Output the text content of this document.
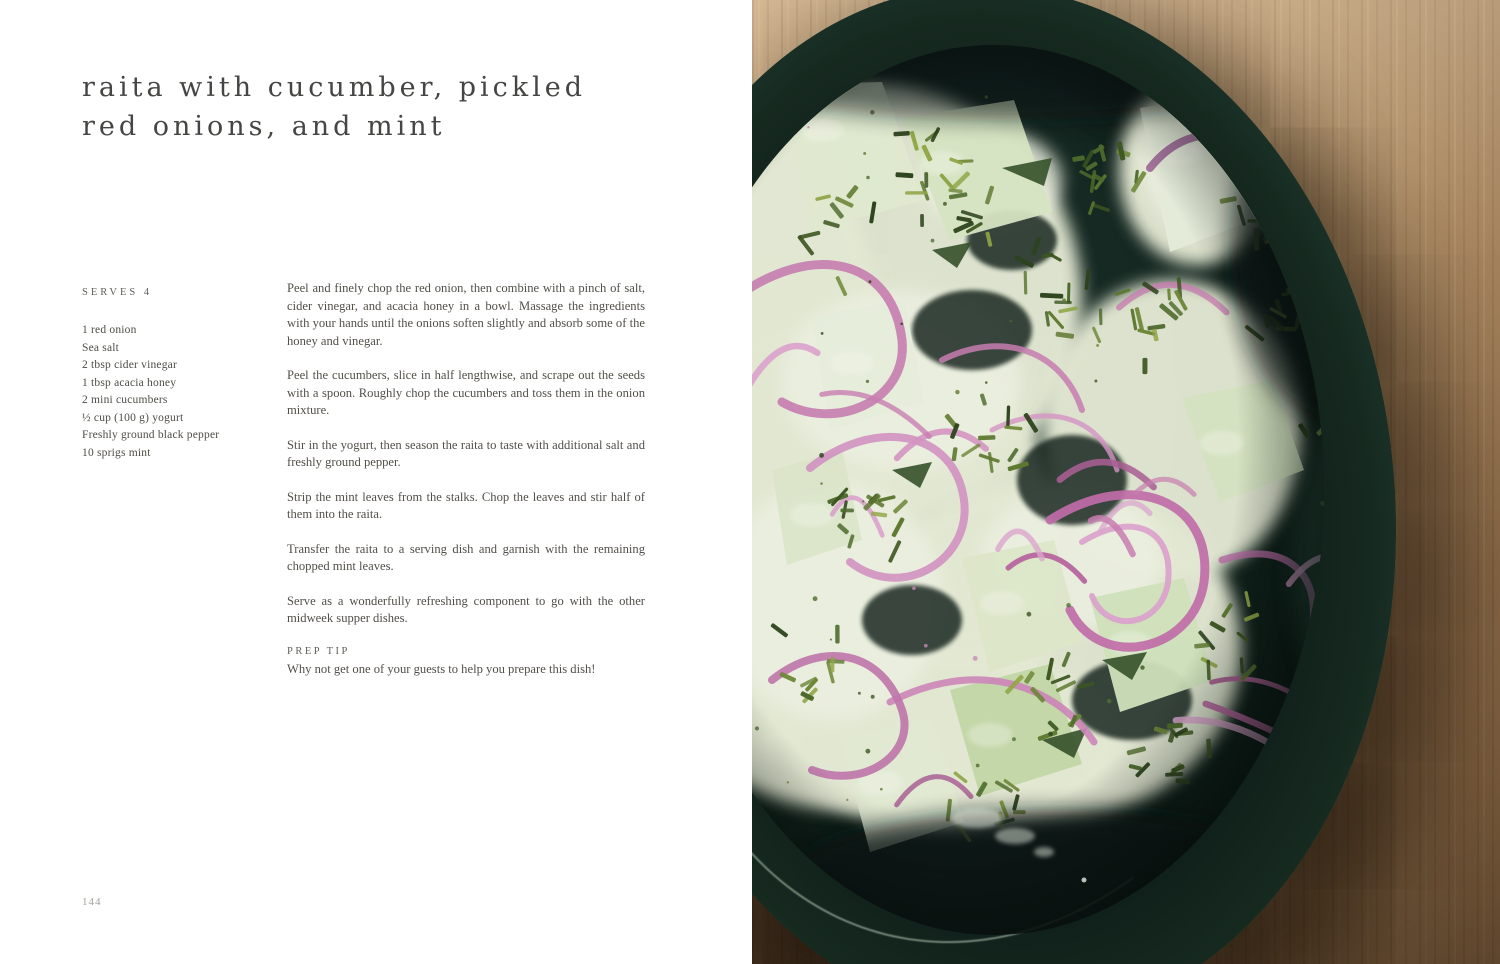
raita with cucumber, pickled
red onions, and mint
SERVES 4
1 red onion
Sea salt
2 tbsp cider vinegar
1 tbsp acacia honey
2 mini cucumbers
½ cup (100 g) yogurt
Freshly ground black pepper
10 sprigs mint

Peel and finely chop the red onion, then combine with a pinch of salt, cider vinegar, and acacia honey in a bowl. Massage the ingredients with your hands until the onions soften slightly and absorb some of the honey and vinegar.

Peel the cucumbers, slice in half lengthwise, and scrape out the seeds with a spoon. Roughly chop the cucumbers and toss them in the onion mixture.

Stir in the yogurt, then season the raita to taste with additional salt and freshly ground pepper.

Strip the mint leaves from the stalks. Chop the leaves and stir half of them into the raita.

Transfer the raita to a serving dish and garnish with the remaining chopped mint leaves.

Serve as a wonderfully refreshing component to go with the other midweek supper dishes.

PREP TIP

Why not get one of your guests to help you prepare this dish!

144
